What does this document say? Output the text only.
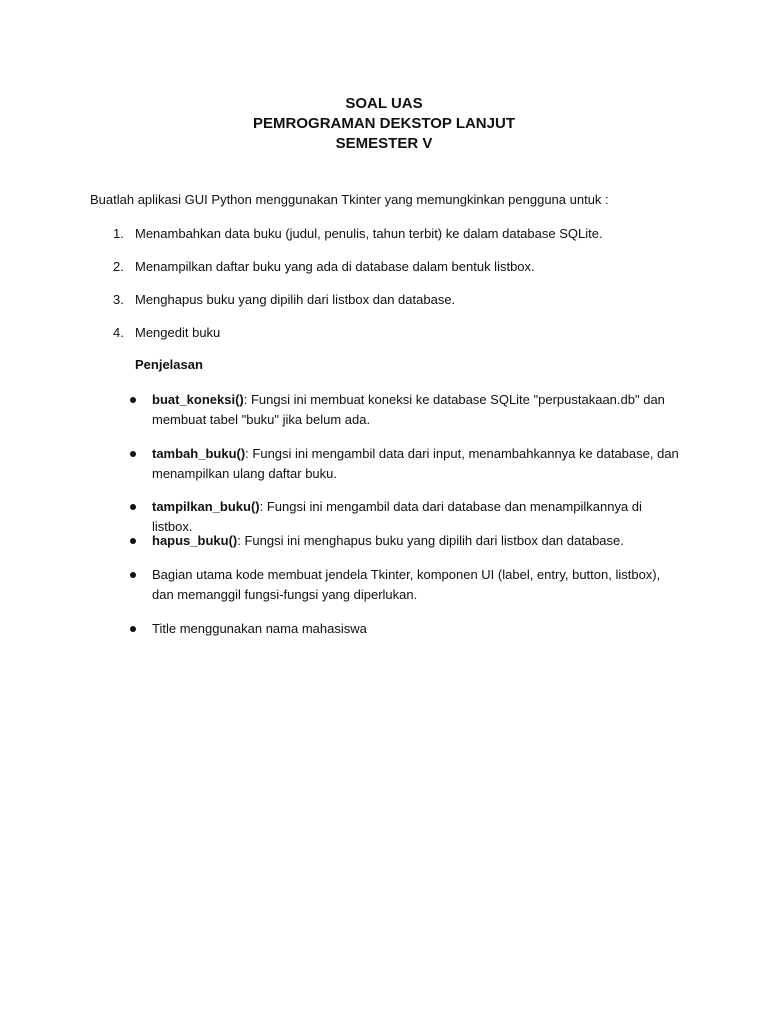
SOAL UAS
PEMROGRAMAN DEKSTOP LANJUT
SEMESTER V
Buatlah aplikasi GUI Python menggunakan Tkinter yang memungkinkan pengguna untuk :
1. Menambahkan data buku (judul, penulis, tahun terbit) ke dalam database SQLite.
2. Menampilkan daftar buku yang ada di database dalam bentuk listbox.
3. Menghapus buku yang dipilih dari listbox dan database.
4. Mengedit buku
Penjelasan
buat_koneksi(): Fungsi ini membuat koneksi ke database SQLite "perpustakaan.db" dan membuat tabel "buku" jika belum ada.
tambah_buku(): Fungsi ini mengambil data dari input, menambahkannya ke database, dan menampilkan ulang daftar buku.
tampilkan_buku(): Fungsi ini mengambil data dari database dan menampilkannya di listbox.
hapus_buku(): Fungsi ini menghapus buku yang dipilih dari listbox dan database.
Bagian utama kode membuat jendela Tkinter, komponen UI (label, entry, button, listbox), dan memanggil fungsi-fungsi yang diperlukan.
Title menggunakan nama mahasiswa
